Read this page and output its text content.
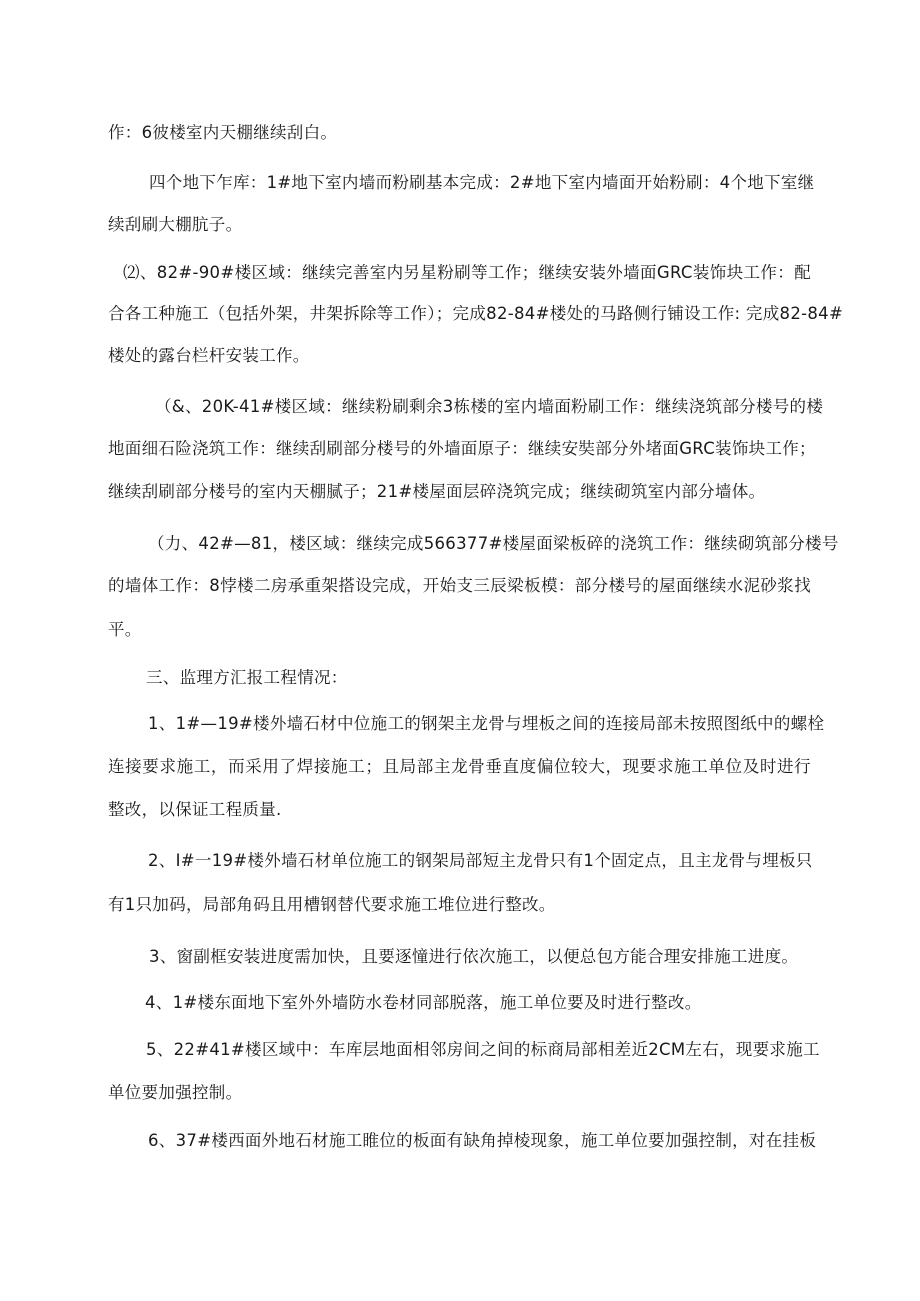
作：6彼楼室内天棚继续刮白。
四个地下乍库：1#地下室内墙而粉刷基本完成：2#地下室内墙面开始粉刷：4个地下室继
续刮刷大棚肮子。
⑵、82#-90#楼区域：继续完善室内另星粉刷等工作；继续安装外墙面GRC装饰块工作：配
合各工种施工（包括外架，井架拆除等工作）；完成82-84#楼处的马路侧行铺设工作: 完成82-84#
楼处的露台栏杆安装工作。
（&、20K-41#楼区域：继续粉刷剩余3栋楼的室内墙面粉刷工作：继续浇筑部分楼号的楼
地面细石险浇筑工作：继续刮刷部分楼号的外墙面原子：继续安奘部分外堵面GRC装饰块工作；
继续刮刷部分楼号的室内天棚腻子；21#楼屋面层碎浇筑完成；继续砌筑室内部分墙体。
（力、42#—81，楼区域：继续完成566377#楼屋面梁板碎的浇筑工作：继续砌筑部分楼号
的墙体工作：8悖楼二房承重架搭设完成，开始支三辰梁板模：部分楼号的屋面继续水泥砂浆找
平。
三、监理方汇报工程情况：
1、1#—19#楼外墙石材中位施工的钢架主龙骨与埋板之间的连接局部未按照图纸中的螺栓
连接要求施工，而采用了焊接施工；且局部主龙骨垂直度偏位较大，现要求施工单位及时进行
整改，以保证工程质量.
2、I#一19#楼外墙石材单位施工的钢架局部短主龙骨只有1个固定点，且主龙骨与埋板只
有1只加码，局部角码且用槽钢替代要求施工堆位进行整改。
3、窗副框安装进度需加快，且要逐憧进行依次施工，以便总包方能合理安排施工进度。
4、1#楼东面地下室外外墙防水卷材同部脱落，施工单位要及时进行整改。
5、22#41#楼区域中：车库层地面相邻房间之间的标商局部相差近2CM左右，现要求施工
单位要加强控制。
6、37#楼西面外地石材施工睢位的板面有缺角掉棱现象，施工单位要加强控制，对在挂板
